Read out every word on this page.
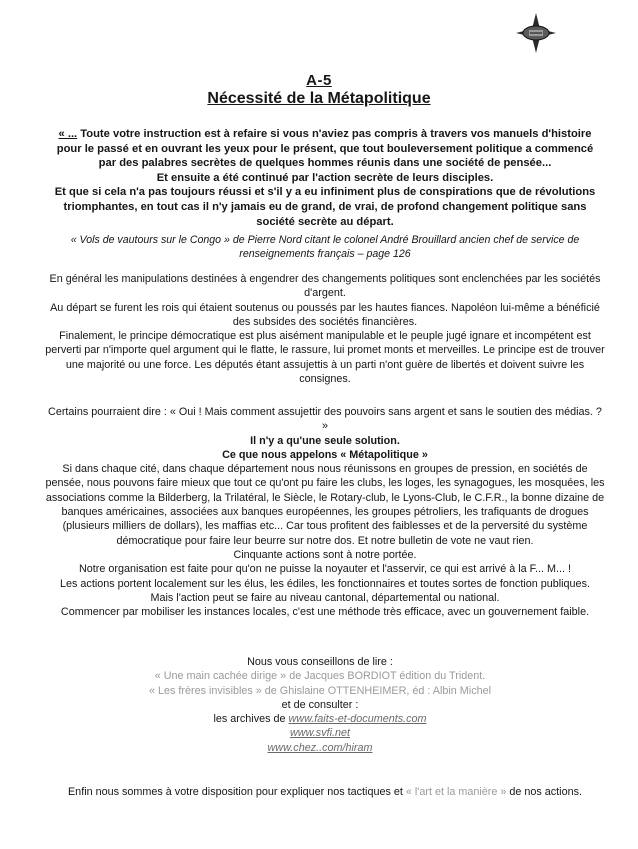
A-5
Nécessité de la Métapolitique

« ... Toute votre instruction est à refaire si vous n'aviez pas compris à travers vos manuels d'histoire pour le passé et en ouvrant les yeux pour le présent, que tout bouleversement politique a commencé par des palabres secrètes de quelques hommes réunis dans une société de pensée...

Et ensuite a été continué par l'action secrète de leurs disciples.

Et que si cela n'a pas toujours réussi et s'il y a eu infiniment plus de conspirations que de révolutions triomphantes, en tout cas il n'y jamais eu de grand, de vrai, de profond changement politique sans société secrète au départ.

« Vols de vautours sur le Congo » de Pierre Nord citant le colonel André Brouillard ancien chef de service de renseignements français – page 126

En général les manipulations destinées à engendrer des changements politiques sont enclenchées par les sociétés d'argent.

Au départ se furent les rois qui étaient soutenus ou poussés par les hautes fiances. Napoléon lui-même a bénéficié des subsides des sociétés financières.

Finalement, le principe démocratique est plus aisément manipulable et le peuple jugé ignare et incompétent est perverti par n'importe quel argument qui le flatte, le rassure, lui promet monts et merveilles. Le principe est de trouver une majorité ou une force. Les députés étant assujettis à un parti n'ont guère de libertés et doivent suivre les consignes.

Certains pourraient dire : « Oui ! Mais comment assujettir des pouvoirs sans argent et sans le soutien des médias. ? »

Il n'y a qu'une seule solution.

Ce que nous appelons « Métapolitique »

Si dans chaque cité, dans chaque département nous nous réunissons en groupes de pression, en sociétés de pensée, nous pouvons faire mieux que tout ce qu'ont pu faire les clubs, les loges, les synagogues, les mosquées, les associations comme la Bilderberg, la Trilatéral, le Siècle, le Rotary-club, le Lyons-Club, le C.F.R., la bonne dizaine de banques américaines, associées aux banques européennes, les groupes pétroliers, les trafiquants de drogues (plusieurs milliers de dollars), les maffias etc... Car tous profitent des faiblesses et de la perversité du système démocratique pour faire leur beurre sur notre dos. Et notre bulletin de vote ne vaut rien.

Cinquante actions sont à notre portée.

Notre organisation est faite pour qu'on ne puisse la noyauter et l'asservir, ce qui est arrivé à la F... M... !

Les actions portent localement sur les élus, les édiles, les fonctionnaires et toutes sortes de fonction publiques.

Mais l'action peut se faire au niveau cantonal, départemental ou national.

Commencer par mobiliser les instances locales, c'est une méthode très efficace, avec un gouvernement faible.

Nous vous conseillons de lire :

« Une main cachée dirige » de Jacques BORDIOT édition du Trident.

« Les frères invisibles » de Ghislaine OTTENHEIMER, éd : Albin Michel

et de consulter :

les archives de www.faits-et-documents.com

www.svfi.net

www.chez..com/hiram

Enfin nous sommes à votre disposition pour expliquer nos tactiques et « l'art et la manière » de nos actions.
